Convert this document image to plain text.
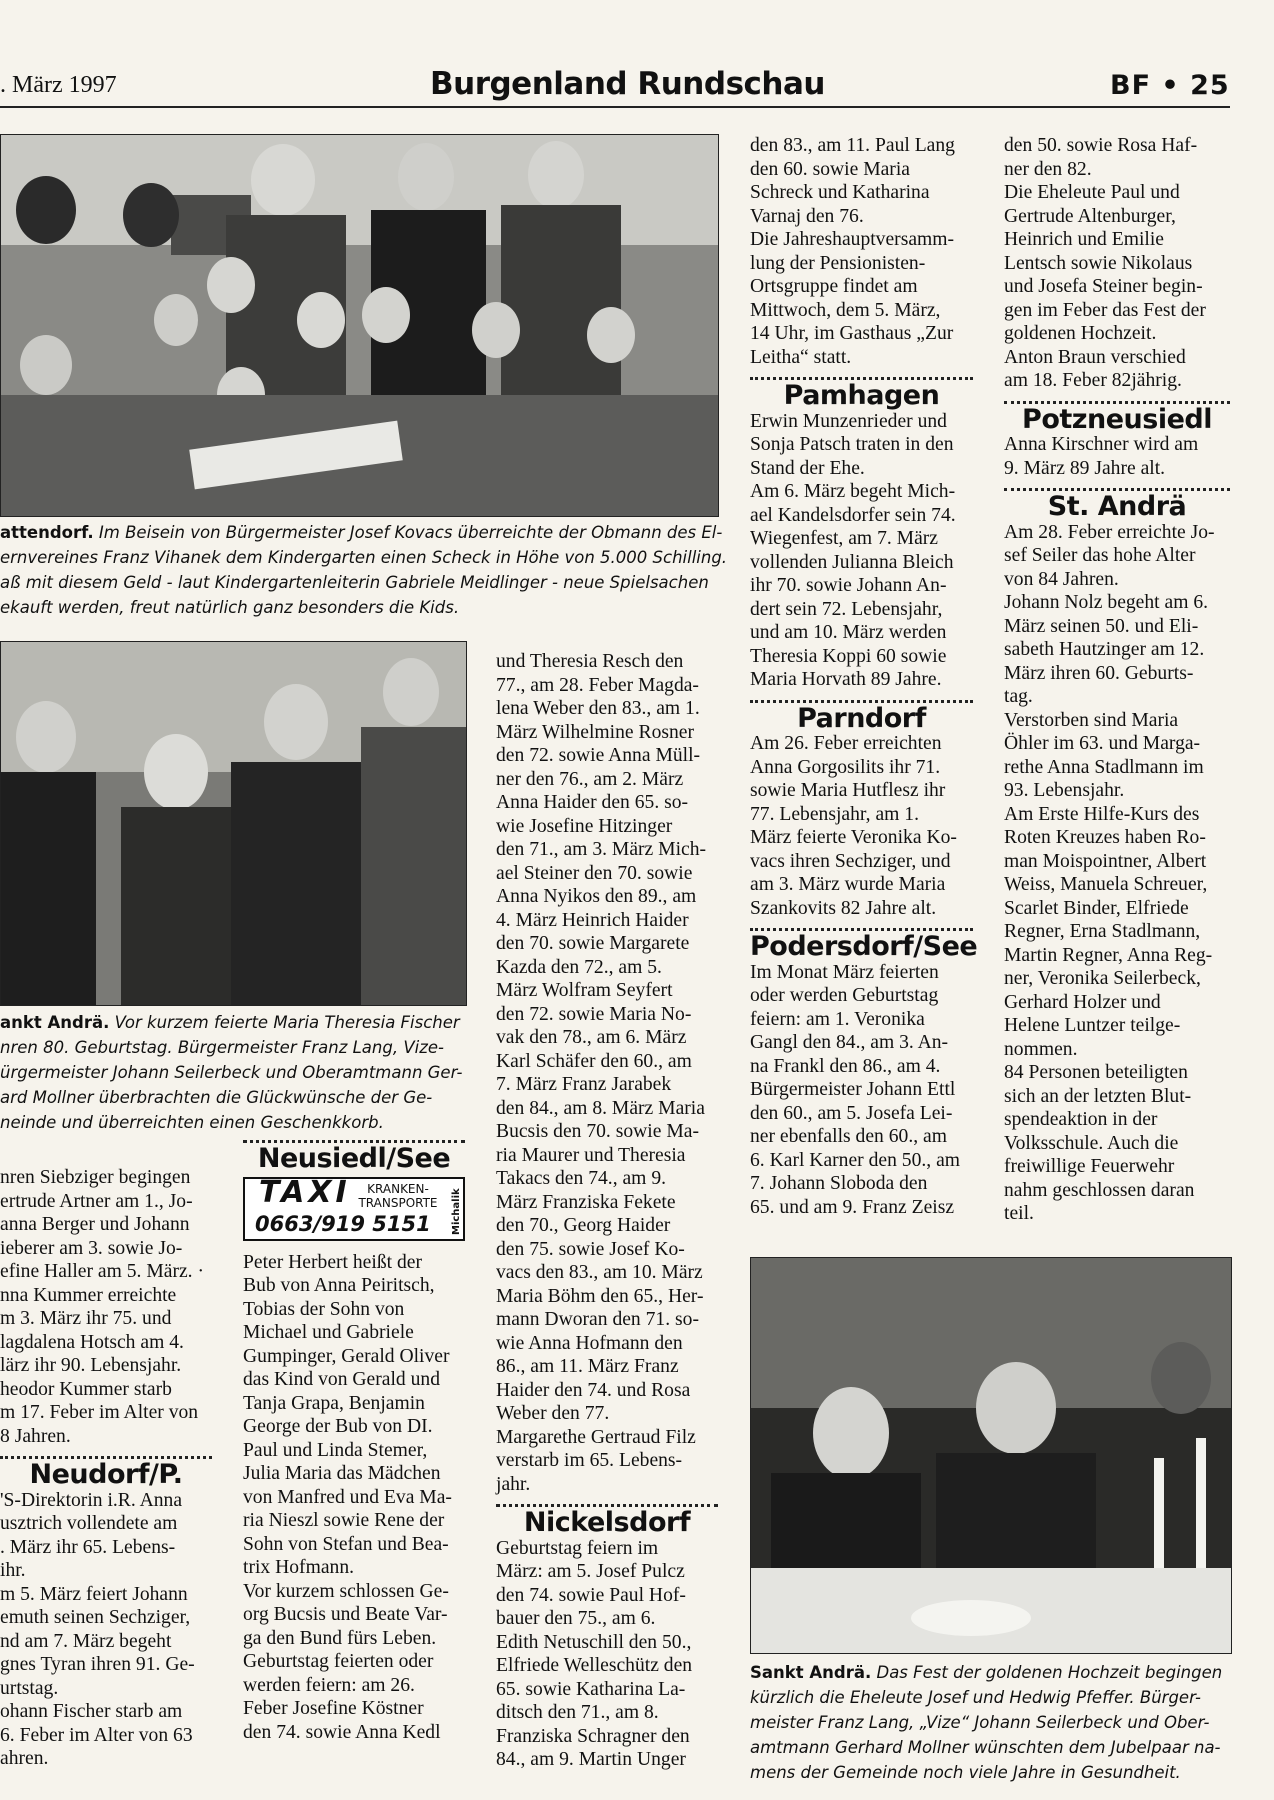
. März 1997	Burgenland Rundschau	BF • 25
attendorf. Im Beisein von Bürgermeister Josef Kovacs überreichte der Obmann des El-
ernvereines Franz Vihanek dem Kindergarten einen Scheck in Höhe von 5.000 Schilling.
aß mit diesem Geld - laut Kindergartenleiterin Gabriele Meidlinger - neue Spielsachen
ekauft werden, freut natürlich ganz besonders die Kids.
ankt Andrä. Vor kurzem feierte Maria Theresia Fischer
nren 80. Geburtstag. Bürgermeister Franz Lang, Vize-
ürgermeister Johann Seilerbeck und Oberamtmann Ger-
ard Mollner überbrachten die Glückwünsche der Ge-
neinde und überreichten einen Geschenkkorb.
Sankt Andrä. Das Fest der goldenen Hochzeit begingen
kürzlich die Eheleute Josef und Hedwig Pfeffer. Bürger-
meister Franz Lang, „Vize“ Johann Seilerbeck und Ober-
amtmann Gerhard Mollner wünschten dem Jubelpaar na-
mens der Gemeinde noch viele Jahre in Gesundheit.

nren Siebziger begingen

ertrude Artner am 1., Jo-

anna Berger und Johann

ieberer am 3. sowie Jo-

efine Haller am 5. März. ·

nna Kummer erreichte

m 3. März ihr 75. und

lagdalena Hotsch am 4.

lärz ihr 90. Lebensjahr.

heodor Kummer starb

m 17. Feber im Alter von

8 Jahren.

Neudorf/P.

'S-Direktorin i.R. Anna

usztrich vollendete am

. März ihr 65. Lebens-

ihr.

m 5. März feiert Johann

emuth seinen Sechziger,

nd am 7. März begeht

gnes Tyran ihren 91. Ge-

urtstag.

ohann Fischer starb am

6. Feber im Alter von 63

ahren.

Neusiedl/See
TAXI	KRANKEN-
TRANSPORTE
0663/919 5151	Michalik

Peter Herbert heißt der

Bub von Anna Peiritsch,

Tobias der Sohn von

Michael und Gabriele

Gumpinger, Gerald Oliver

das Kind von Gerald und

Tanja Grapa, Benjamin

George der Bub von DI.

Paul und Linda Stemer,

Julia Maria das Mädchen

von Manfred und Eva Ma-

ria Nieszl sowie Rene der

Sohn von Stefan und Bea-

trix Hofmann.

Vor kurzem schlossen Ge-

org Bucsis und Beate Var-

ga den Bund fürs Leben.

Geburtstag feierten oder

werden feiern: am 26.

Feber Josefine Köstner

den 74. sowie Anna Kedl

und Theresia Resch den

77., am 28. Feber Magda-

lena Weber den 83., am 1.

März Wilhelmine Rosner

den 72. sowie Anna Müll-

ner den 76., am 2. März

Anna Haider den 65. so-

wie Josefine Hitzinger

den 71., am 3. März Mich-

ael Steiner den 70. sowie

Anna Nyikos den 89., am

4. März Heinrich Haider

den 70. sowie Margarete

Kazda den 72., am 5.

März Wolfram Seyfert

den 72. sowie Maria No-

vak den 78., am 6. März

Karl Schäfer den 60., am

7. März Franz Jarabek

den 84., am 8. März Maria

Bucsis den 70. sowie Ma-

ria Maurer und Theresia

Takacs den 74., am 9.

März Franziska Fekete

den 70., Georg Haider

den 75. sowie Josef Ko-

vacs den 83., am 10. März

Maria Böhm den 65., Her-

mann Dworan den 71. so-

wie Anna Hofmann den

86., am 11. März Franz

Haider den 74. und Rosa

Weber den 77.

Margarethe Gertraud Filz

verstarb im 65. Lebens-

jahr.

Nickelsdorf

Geburtstag feiern im

März: am 5. Josef Pulcz

den 74. sowie Paul Hof-

bauer den 75., am 6.

Edith Netuschill den 50.,

Elfriede Welleschütz den

65. sowie Katharina La-

ditsch den 71., am 8.

Franziska Schragner den

84., am 9. Martin Unger

den 83., am 11. Paul Lang

den 60. sowie Maria

Schreck und Katharina

Varnaj den 76.

Die Jahreshauptversamm-

lung der Pensionisten-

Ortsgruppe findet am

Mittwoch, dem 5. März,

14 Uhr, im Gasthaus „Zur

Leitha“ statt.

Pamhagen

Erwin Munzenrieder und

Sonja Patsch traten in den

Stand der Ehe.

Am 6. März begeht Mich-

ael Kandelsdorfer sein 74.

Wiegenfest, am 7. März

vollenden Julianna Bleich

ihr 70. sowie Johann An-

dert sein 72. Lebensjahr,

und am 10. März werden

Theresia Koppi 60 sowie

Maria Horvath 89 Jahre.

Parndorf

Am 26. Feber erreichten

Anna Gorgosilits ihr 71.

sowie Maria Hutflesz ihr

77. Lebensjahr, am 1.

März feierte Veronika Ko-

vacs ihren Sechziger, und

am 3. März wurde Maria

Szankovits 82 Jahre alt.

Podersdorf/See

Im Monat März feierten

oder werden Geburtstag

feiern: am 1. Veronika

Gangl den 84., am 3. An-

na Frankl den 86., am 4.

Bürgermeister Johann Ettl

den 60., am 5. Josefa Lei-

ner ebenfalls den 60., am

6. Karl Karner den 50., am

7. Johann Sloboda den

65. und am 9. Franz Zeisz

den 50. sowie Rosa Haf-

ner den 82.

Die Eheleute Paul und

Gertrude Altenburger,

Heinrich und Emilie

Lentsch sowie Nikolaus

und Josefa Steiner begin-

gen im Feber das Fest der

goldenen Hochzeit.

Anton Braun verschied

am 18. Feber 82jährig.

Potzneusiedl

Anna Kirschner wird am

9. März 89 Jahre alt.

St. Andrä

Am 28. Feber erreichte Jo-

sef Seiler das hohe Alter

von 84 Jahren.

Johann Nolz begeht am 6.

März seinen 50. und Eli-

sabeth Hautzinger am 12.

März ihren 60. Geburts-

tag.

Verstorben sind Maria

Öhler im 63. und Marga-

rethe Anna Stadlmann im

93. Lebensjahr.

Am Erste Hilfe-Kurs des

Roten Kreuzes haben Ro-

man Moispointner, Albert

Weiss, Manuela Schreuer,

Scarlet Binder, Elfriede

Regner, Erna Stadlmann,

Martin Regner, Anna Reg-

ner, Veronika Seilerbeck,

Gerhard Holzer und

Helene Luntzer teilge-

nommen.

84 Personen beteiligten

sich an der letzten Blut-

spendeaktion in der

Volksschule. Auch die

freiwillige Feuerwehr

nahm geschlossen daran

teil.
